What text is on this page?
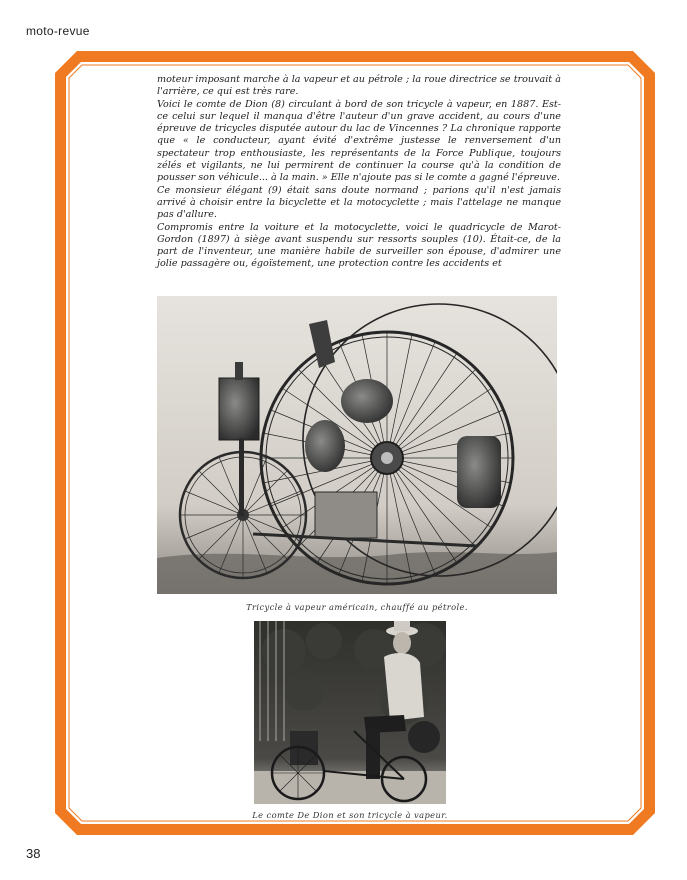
moto-revue

moteur imposant marche à la vapeur et au pétrole ; la roue directrice se trouvait à l'arrière, ce qui est très rare.

Voici le comte de Dion (8) circulant à bord de son tricycle à vapeur, en 1887. Est-ce celui sur lequel il manqua d'être l'auteur d'un grave accident, au cours d'une épreuve de tricycles disputée autour du lac de Vincennes ? La chronique rapporte que « le conducteur, ayant évité d'extrême justesse le renversement d'un spectateur trop enthousiaste, les représentants de la Force Publique, toujours zélés et vigilants, ne lui permirent de continuer la course qu'à la condition de pousser son véhicule... à la main. » Elle n'ajoute pas si le comte a gagné l'épreuve.

Ce monsieur élégant (9) était sans doute normand ; parions qu'il n'est jamais arrivé à choisir entre la bicyclette et la motocyclette ; mais l'attelage ne manque pas d'allure.

Compromis entre la voiture et la motocyclette, voici le quadricycle de Marot-Gordon (1897) à siège avant suspendu sur ressorts souples (10). Était-ce, de la part de l'inventeur, une manière habile de surveiller son épouse, d'admirer une jolie passagère ou, égoïstement, une protection contre les accidents et

Tricycle à vapeur américain, chauffé au pétrole.
Le comte De Dion et son tricycle à vapeur.
38
